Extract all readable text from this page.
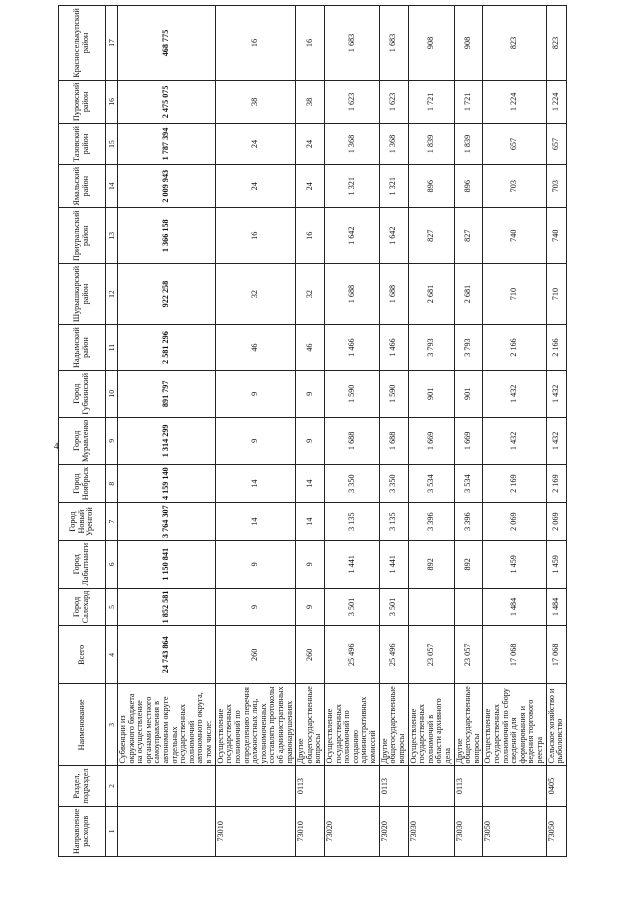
4
Направление расходов	Раздел, подраздел	Наименование	Всего	Город Салехард	Город Лабытнанги	Город Новый Уренгой	Город Ноябрьск	Город Муравленко	Город Губкинский	Надымский район	Шурышкарский район	Приуральский район	Ямальский район	Тазовский район	Пуровский район	Красноселькупский район
1	2	3	4	5	6	7	8	9	10	11	12	13	14	15	16	17
		Субвенции из окружного бюджета на осуществление органами местного самоуправления в автономном округе отдельных государственных полномочий автономного округа, в том числе:	24 743 864	1 852 581	1 150 841	3 764 307	4 159 140	1 314 299	891 797	2 581 296	922 258	1 366 158	2 009 943	1 787 394	2 475 075	468 775
73010		Осуществление государственных полномочий по определению перечня должностных лиц, уполномоченных составлять протоколы об административных правонарушениях	260	9	9	14	14	9	9	46	32	16	24	24	38	16
73010	0113	Другие общегосударственные вопросы	260	9	9	14	14	9	9	46	32	16	24	24	38	16
73020		Осуществление государственных полномочий по созданию административных комиссий	25 496	3 501	1 441	3 135	3 350	1 688	1 590	1 466	1 688	1 642	1 321	1 368	1 623	1 683
73020	0113	Другие общегосударственные вопросы	25 496	3 501	1 441	3 135	3 350	1 688	1 590	1 466	1 688	1 642	1 321	1 368	1 623	1 683
73030		Осуществление государственных полномочий в области архивного дела	23 057		892	3 396	3 534	1 669	901	3 793	2 681	827	896	1 839	1 721	908
73030	0113	Другие общегосударственные вопросы	23 057		892	3 396	3 534	1 669	901	3 793	2 681	827	896	1 839	1 721	908
73050		Осуществление государственных полномочий по сбору сведений для формирования и ведения торгового реестра	17 068	1 484	1 459	2 069	2 169	1 432	1 432	2 166	710	740	703	657	1 224	823
73050	0405	Сельское хозяйство и рыболовство	17 068	1 484	1 459	2 069	2 169	1 432	1 432	2 166	710	740	703	657	1 224	823
